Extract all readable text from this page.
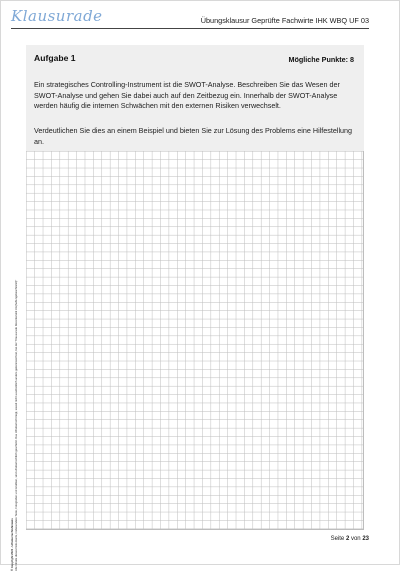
Klausurade	Übungsklausur Geprüfte Fachwirte IHK WBQ UF 03
Aufgabe 1	Mögliche Punkte: 8

Ein strategisches Controlling-Instrument ist die SWOT-Analyse. Beschreiben Sie das Wesen der SWOT-Analyse und gehen Sie dabei auch auf den Zeitbezug ein. Innerhalb der SWOT-Analyse werden häufig die internen Schwächen mit den externen Risiken verwechselt.

Verdeutlichen Sie dies an einem Beispiel und bieten Sie zur Lösung des Problems eine Hilfestellung an.

© Copyright 2024 - Urheberrechtshinweis Alle Inhalte dieses Dokuments, insbesondere Texte, Fotografien und Grafiken, sind urheberrechtlich geschützt. Das Urheberrecht liegt, soweit nicht ausdrücklich anders gekennzeichnet, bei der "Klausurade Dozentenstik UG(haftungsbeschränkt)"	Seite 2 von 23
